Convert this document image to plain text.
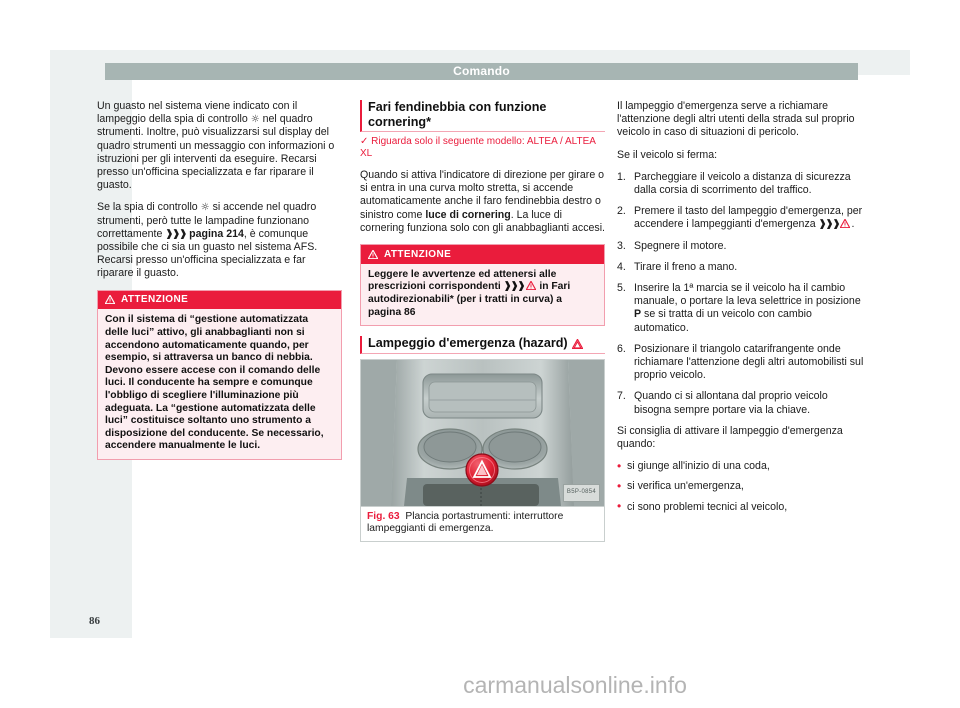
Comando
86
carmanualsonline.info

Un guasto nel sistema viene indicato con il lampeggio della spia di controllo ☼ nel quadro strumenti. Inoltre, può visualizzarsi sul display del quadro strumenti un messaggio con informazioni o istruzioni per gli interventi da eseguire. Recarsi presso un'officina specializzata e far riparare il guasto.

Se la spia di controllo ☼ si accende nel quadro strumenti, però tutte le lampadine funzionano correttamente ❱❱❱ pagina 214, è comunque possibile che ci sia un guasto nel sistema AFS. Recarsi presso un'officina specializzata e far riparare il guasto.

ATTENZIONE
Con il sistema di “gestione automatizzata delle luci” attivo, gli anabbaglianti non si accendono automaticamente quando, per esempio, si attraversa un banco di nebbia. Devono essere accese con il comando delle luci. Il conducente ha sempre e comunque l'obbligo di scegliere l'illuminazione più adeguata. La “gestione automatizzata delle luci” costituisce soltanto uno strumento a disposizione del conducente. Se necessario, accendere manualmente le luci.
Fari fendinebbia con funzione cornering*

✓ Riguarda solo il seguente modello: ALTEA / ALTEA XL

Quando si attiva l'indicatore di direzione per girare o si entra in una curva molto stretta, si accende automaticamente anche il faro fendinebbia destro o sinistro come luce di cornering. La luce di cornering funziona solo con gli anabbaglianti accesi.

ATTENZIONE
Leggere le avvertenze ed attenersi alle prescrizioni corrispondenti ❱❱❱
in Fari autodirezionabili* (per i tratti in curva) a pagina 86
Lampeggio d'emergenza (hazard)
B5P-0854
Fig. 63 Plancia portastrumenti: interruttore lampeggianti di emergenza.

Il lampeggio d'emergenza serve a richiamare l'attenzione degli altri utenti della strada sul proprio veicolo in caso di situazioni di pericolo.

Se il veicolo si ferma:

Parcheggiare il veicolo a distanza di sicurezza dalla corsia di scorrimento del traffico.
Premere il tasto del lampeggio d'emergenza, per accendere i lampeggianti d'emergenza ❱❱❱ .
Spegnere il motore.
Tirare il freno a mano.
Inserire la 1ª marcia se il veicolo ha il cambio manuale, o portare la leva selettrice in posizione P se si tratta di un veicolo con cambio automatico.
Posizionare il triangolo catarifrangente onde richiamare l'attenzione degli altri automobilisti sul proprio veicolo.
Quando ci si allontana dal proprio veicolo bisogna sempre portare via la chiave.

Si consiglia di attivare il lampeggio d'emergenza quando:

• si giunge all'inizio di una coda,
• si verifica un'emergenza,
• ci sono problemi tecnici al veicolo,
